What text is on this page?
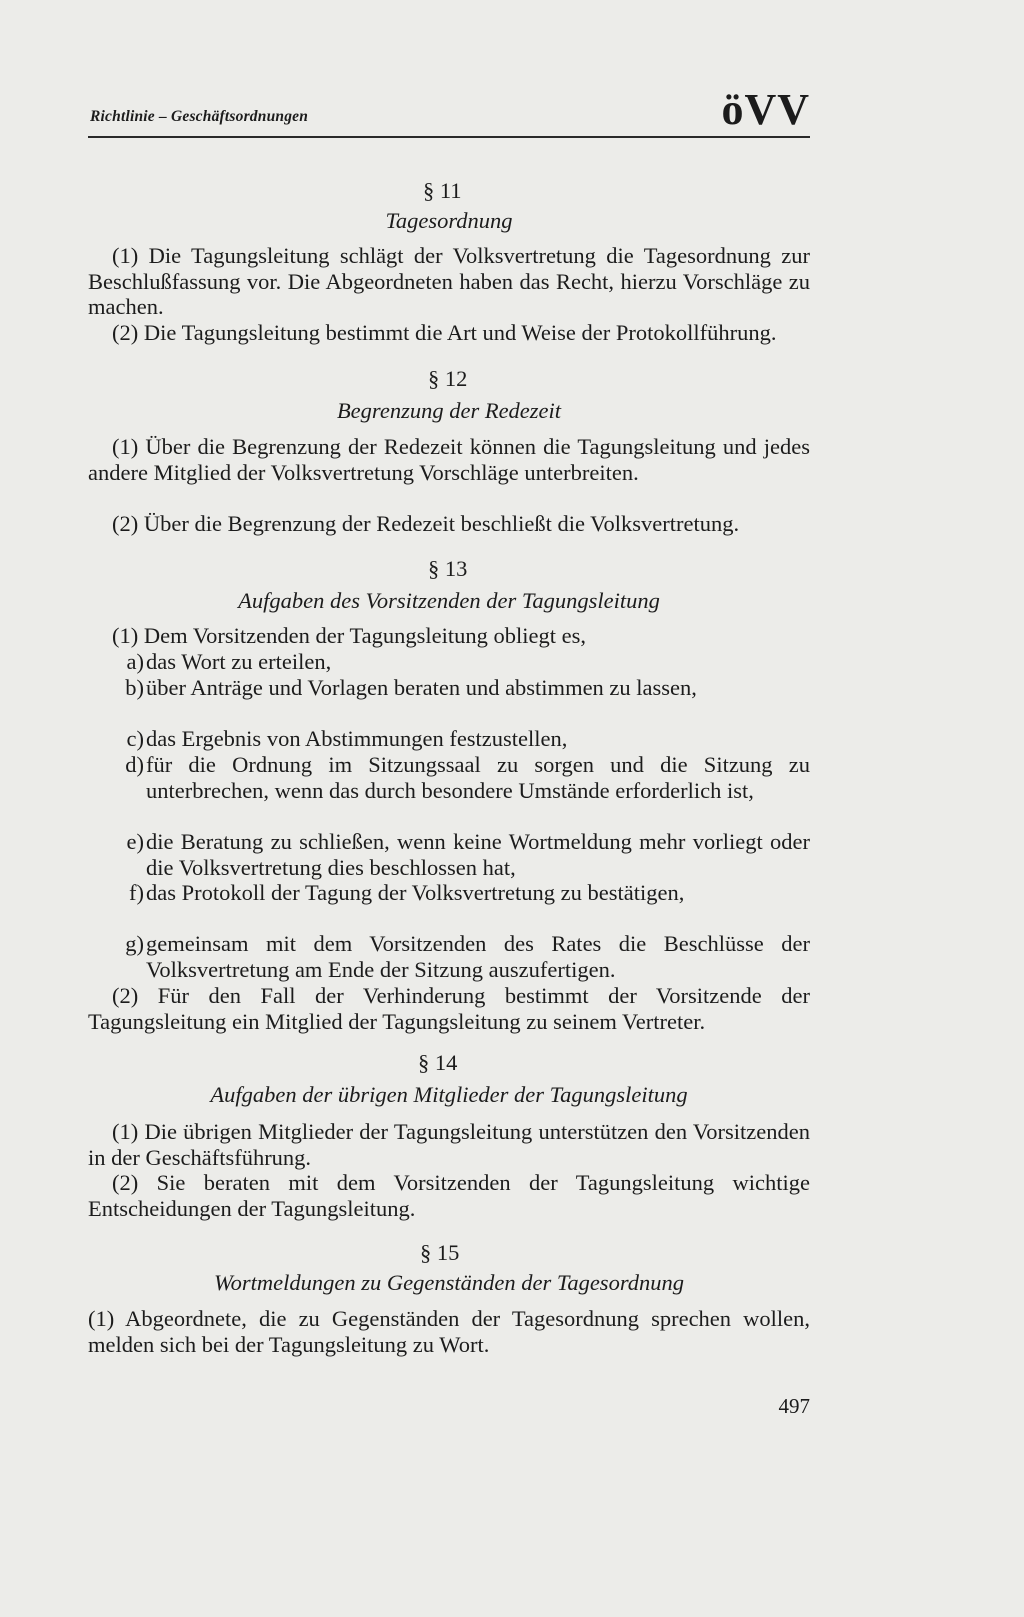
Richtlinie – Geschäftsordnungen	öVV
§ 11
Tagesordnung
(1) Die Tagungsleitung schlägt der Volksvertretung die Tagesordnung zur Beschlußfassung vor. Die Abgeordneten haben das Recht, hierzu Vorschläge zu machen.
(2) Die Tagungsleitung bestimmt die Art und Weise der Protokollführung.
§ 12
Begrenzung der Redezeit
(1) Über die Begrenzung der Redezeit können die Tagungsleitung und jedes andere Mitglied der Volksvertretung Vorschläge unterbreiten.
(2) Über die Begrenzung der Redezeit beschließt die Volksvertretung.
§ 13
Aufgaben des Vorsitzenden der Tagungsleitung
(1) Dem Vorsitzenden der Tagungsleitung obliegt es,
a) das Wort zu erteilen,
b) über Anträge und Vorlagen beraten und abstimmen zu lassen,
c) das Ergebnis von Abstimmungen festzustellen,
d) für die Ordnung im Sitzungssaal zu sorgen und die Sitzung zu unterbrechen, wenn das durch besondere Umstände erforderlich ist,
e) die Beratung zu schließen, wenn keine Wortmeldung mehr vorliegt oder die Volksvertretung dies beschlossen hat,
f) das Protokoll der Tagung der Volksvertretung zu bestätigen,
g) gemeinsam mit dem Vorsitzenden des Rates die Beschlüsse der Volksvertretung am Ende der Sitzung auszufertigen.
(2) Für den Fall der Verhinderung bestimmt der Vorsitzende der Tagungsleitung ein Mitglied der Tagungsleitung zu seinem Vertreter.
§ 14
Aufgaben der übrigen Mitglieder der Tagungsleitung
(1) Die übrigen Mitglieder der Tagungsleitung unterstützen den Vorsitzenden in der Geschäftsführung.
(2) Sie beraten mit dem Vorsitzenden der Tagungsleitung wichtige Entscheidungen der Tagungsleitung.
§ 15
Wortmeldungen zu Gegenständen der Tagesordnung
(1) Abgeordnete, die zu Gegenständen der Tagesordnung sprechen wollen, melden sich bei der Tagungsleitung zu Wort.
497
